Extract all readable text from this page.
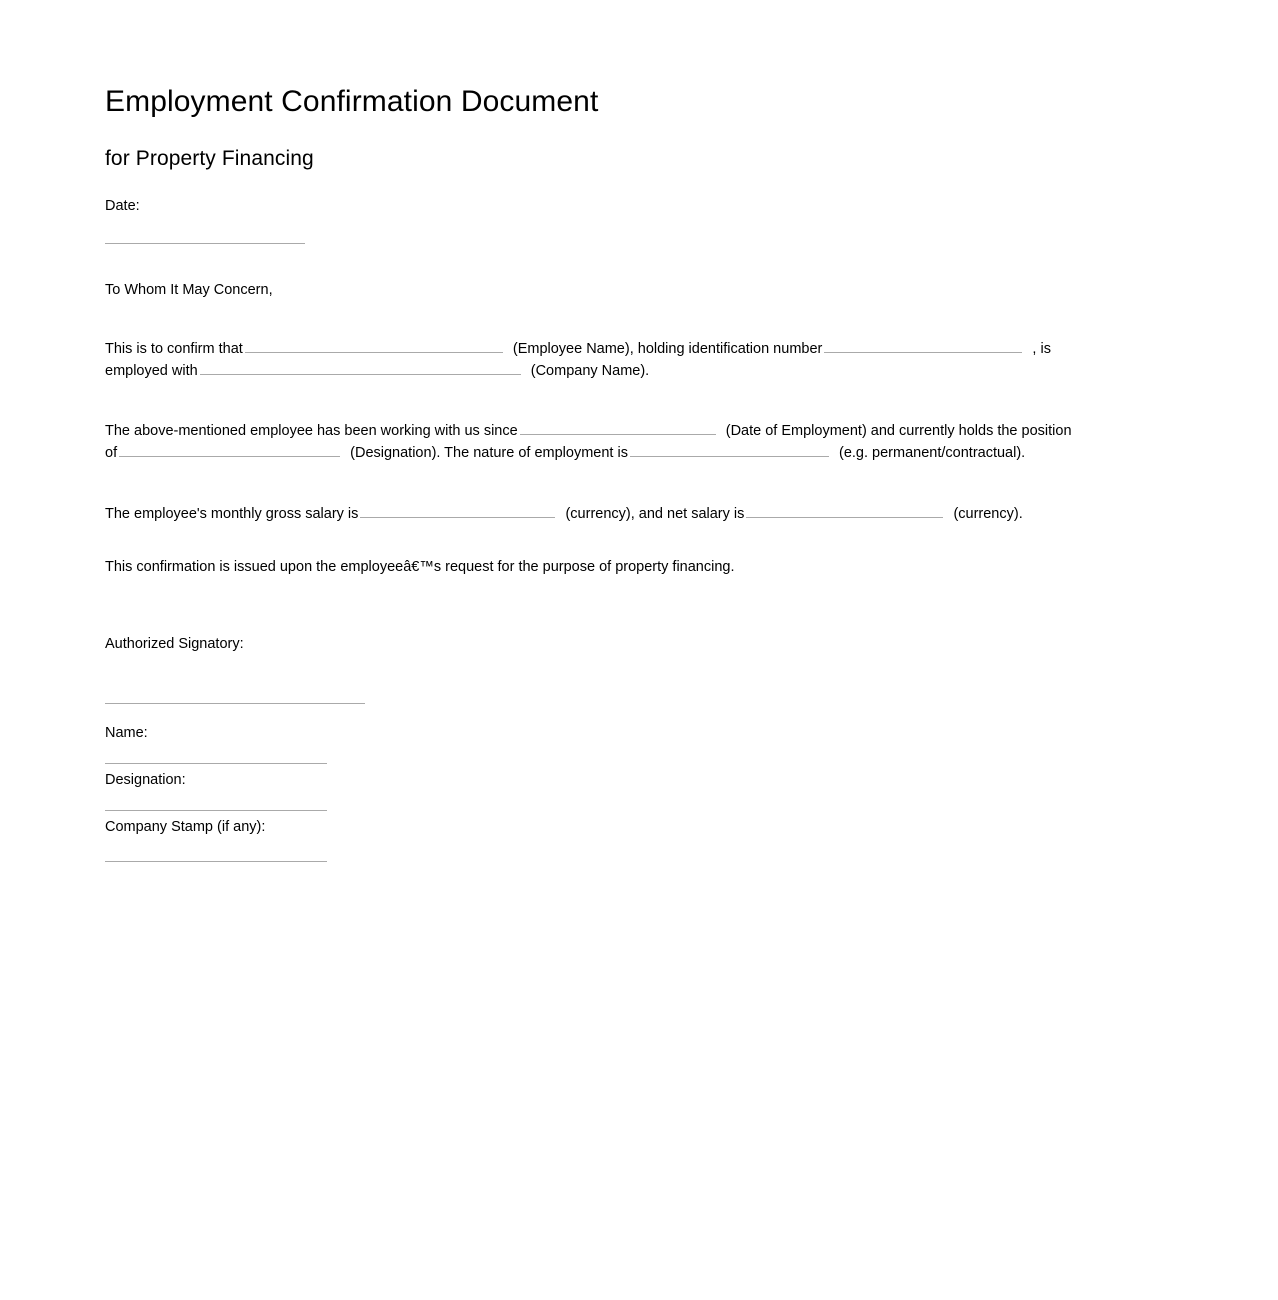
Employment Confirmation Document
for Property Financing
Date:
To Whom It May Concern,
This is to confirm that	(Employee Name), holding identification number	, is
employed with	(Company Name).
The above-mentioned employee has been working with us since	(Date of Employment) and currently holds the position
of	(Designation). The nature of employment is	(e.g. permanent/contractual).
The employee's monthly gross salary is	(currency), and net salary is	(currency).
This confirmation is issued upon the employeeâ€™s request for the purpose of property financing.
Authorized Signatory:
Name:
Designation:
Company Stamp (if any):
